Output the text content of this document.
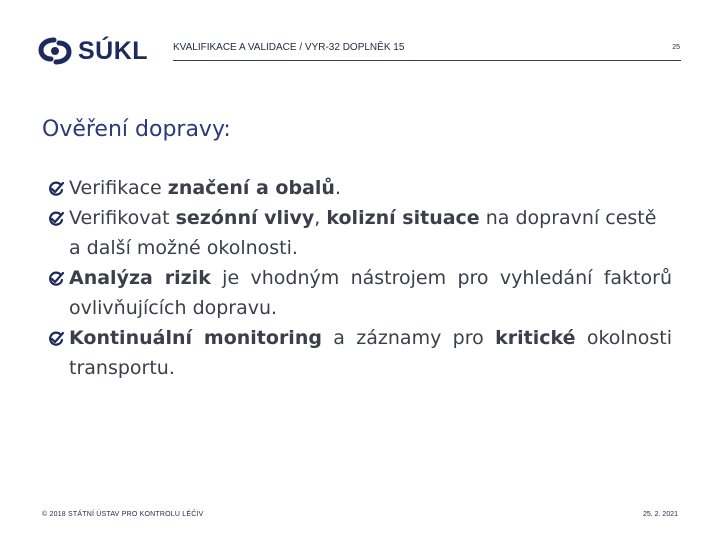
SÚKL KVALIFIKACE A VALIDACE / VYR-32 DOPLNĚK 15	25
Ověření dopravy:
Verifikace značení a obalů.
Verifikovat sezónní vlivy, kolizní situace na dopravní cestě a další možné okolnosti.
Analýza rizik je vhodným nástrojem pro vyhledání faktorů ovlivňujících dopravu.
Kontinuální monitoring a záznamy pro kritické okolnosti transportu.
© 2018 STÁTNÍ ÚSTAV PRO KONTROLU LÉČIV	25. 2. 2021
